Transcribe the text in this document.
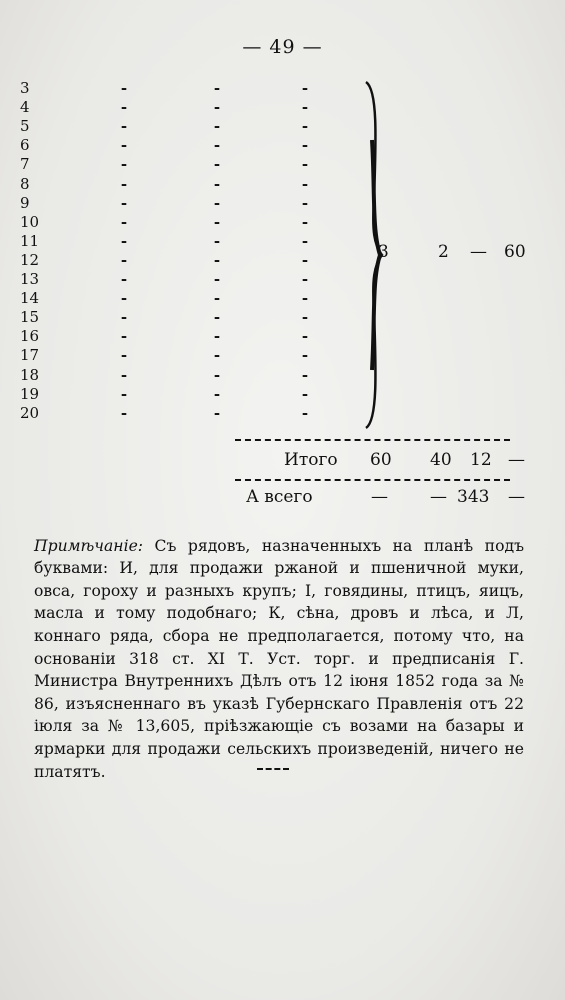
— 49 —
3	-	-	-
4	-	-	-
5	-	-	-
6	-	-	-
7	-	-	-
8	-	-	-
9	-	-	-
10	-	-	-
11	-	-	-
12	-	-	-
13	-	-	-
14	-	-	-
15	-	-	-
16	-	-	-
17	-	-	-
18	-	-	-
19	-	-	-
20	-	-	-
3	2 — 60
Итого 60 40 12 —
А всего	— — 343 —

Примѣчаніе: Съ рядовъ, назначенныхъ на планѣ подъ буквами: И, для продажи ржаной и пшеничной муки, овса, гороху и разныхъ крупъ; І, говядины, птицъ, яицъ, масла и тому подобнаго; К, сѣна, дровъ и лѣса, и Л, коннаго ряда, сбора не предполагается, потому что, на основаніи 318 ст. XI Т. Уст. торг. и предписанія Г. Министра Внутреннихъ Дѣлъ отъ 12 іюня 1852 года за № 86, изъясненнаго въ указѣ Губернскаго Правленія отъ 22 іюля за № 13,605, пріѣзжающіе съ возами на базары и ярмарки для продажи сельскихъ произведеній, ничего не платятъ.
